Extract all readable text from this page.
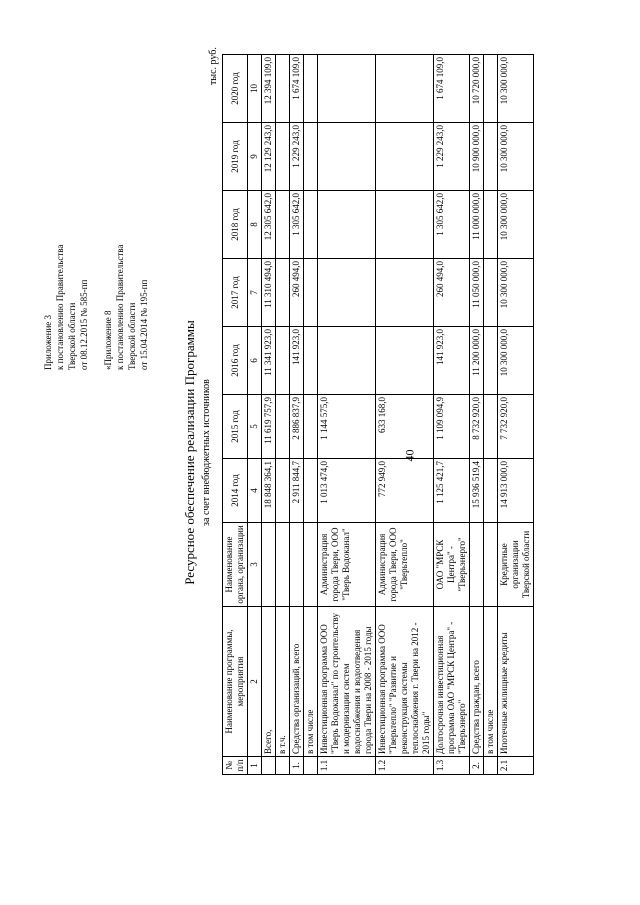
40
Приложение 3 к постановлению Правительства Тверской области от 08.12.2015 № 585-пп «Приложение 8 к постановлению Правительства Тверской области от 15.04.2014 № 195-пп	Ресурсное обеспечение реализации Программы за счет внебюджетных источников
тыс. руб.
№ п/п	Наименование программы, мероприятия	Наименование органа, организации	2014 год	2015 год	2016 год	2017 год	2018 год	2019 год	2020 год
1	2	3	4	5	6	7	8	9	10
	Всего,		18 848 364,1	11 619 757,9	11 341 923,0	11 310 494,0	12 305 642,0	12 129 243,0	12 394 109,0
	в т.ч.								
1.	Средства организаций, всего		2 911 844,7	2 886 837,9	141 923,0	260 494,0	1 305 642,0	1 229 243,0	1 674 109,0
	в том числе								
1.1	Инвестиционная программа ООО "Тверь Водоканал" по строительству и модернизации систем водоснабжения и водоотведения города Твери на 2008 - 2015 годы	Администрация города Твери, ООО "Тверь Водоканал"	1 013 474,0	1 144 575,0					
1.2	Инвестиционная программа ООО "Тверьтепло" "Развитие и реконструкция системы теплоснабжения г. Твери на 2012 - 2015 годы"	Администрация города Твери, ООО "Тверьтепло"	772 949,0	633 168,0					
1.3	Долгосрочная инвестиционная программа ОАО "МРСК Центра" - "Тверьэнерго"	ОАО "МРСК Центра" - "Тверьэнерго"	1 125 421,7	1 109 094,9	141 923,0	260 494,0	1 305 642,0	1 229 243,0	1 674 109,0
2.	Средства граждан, всего		15 936 519,4	8 732 920,0	11 200 000,0	11 050 000,0	11 000 000,0	10 900 000,0	10 720 000,0
	в том числе								
2.1	Ипотечные жилищные кредиты	Кредитные организации Тверской области	14 913 000,0	7 732 920,0	10 300 000,0	10 300 000,0	10 300 000,0	10 300 000,0	10 300 000,0
